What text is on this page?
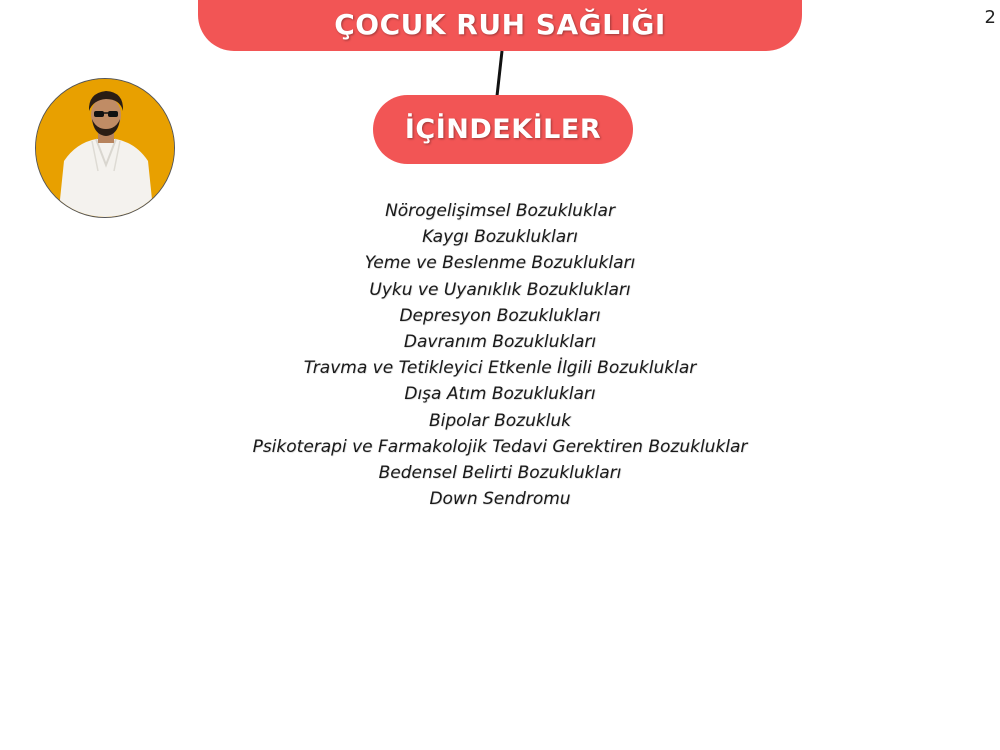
ÇOCUK RUH SAĞLIĞI	2
İÇİNDEKİLER
Nörogelişimsel Bozukluklar
Kaygı Bozuklukları
Yeme ve Beslenme Bozuklukları
Uyku ve Uyanıklık Bozuklukları
Depresyon Bozuklukları
Davranım Bozuklukları
Travma ve Tetikleyici Etkenle İlgili Bozukluklar
Dışa Atım Bozuklukları
Bipolar Bozukluk
Psikoterapi ve Farmakolojik Tedavi Gerektiren Bozukluklar
Bedensel Belirti Bozuklukları
Down Sendromu
